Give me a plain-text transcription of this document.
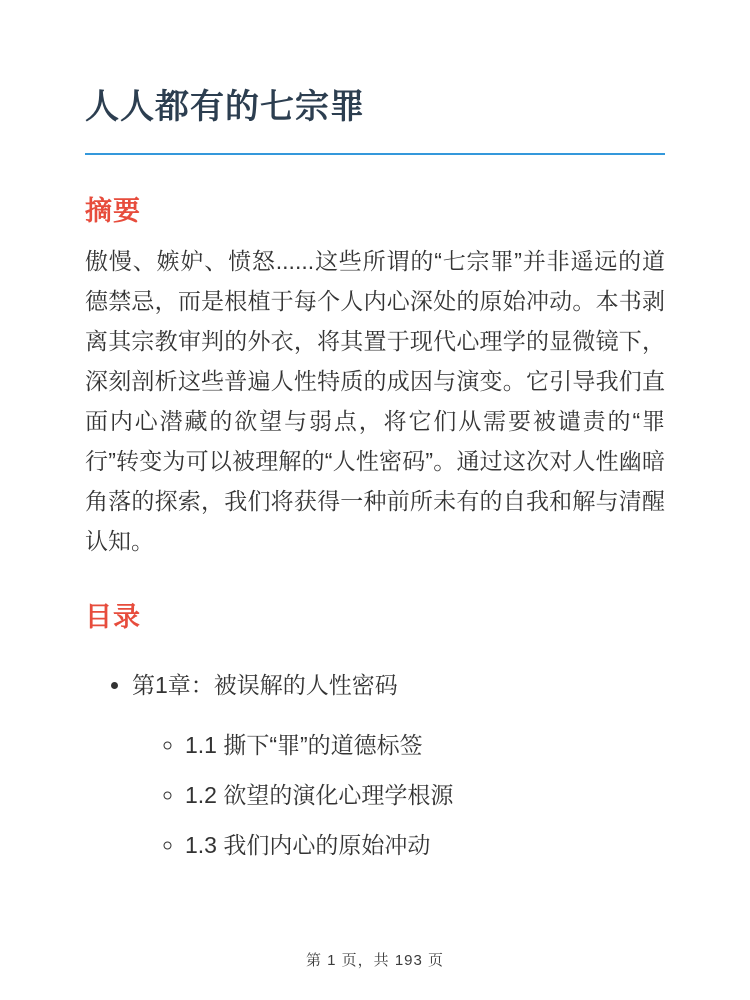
人人都有的七宗罪
摘要

傲慢、嫉妒、愤怒......这些所谓的“七宗罪”并非遥远的道德禁忌，而是根植于每个人内心深处的原始冲动。本书剥离其宗教审判的外衣，将其置于现代心理学的显微镜下，深刻剖析这些普遍人性特质的成因与演变。它引导我们直面内心潜藏的欲望与弱点，将它们从需要被谴责的“罪行”转变为可以被理解的“人性密码”。通过这次对人性幽暗角落的探索，我们将获得一种前所未有的自我和解与清醒认知。

目录
• 第1章：被误解的人性密码
◦ 1.1 撕下“罪”的道德标签
◦ 1.2 欲望的演化心理学根源
◦ 1.3 我们内心的原始冲动
第 1 页，共 193 页
